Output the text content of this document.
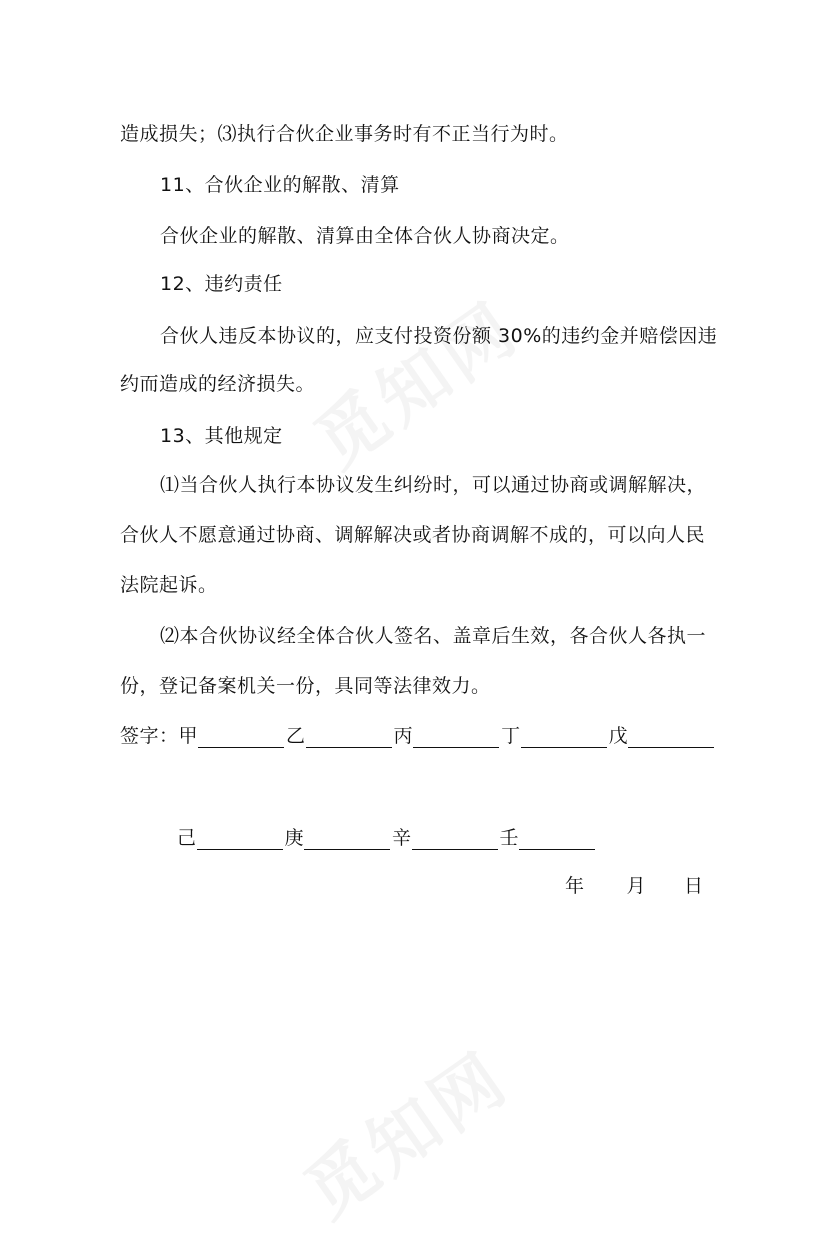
造成损失；⑶执行合伙企业事务时有不正当行为时。
11、合伙企业的解散、清算
合伙企业的解散、清算由全体合伙人协商决定。
12、违约责任
合伙人违反本协议的，应支付投资份额 30%的违约金并赔偿因违
约而造成的经济损失。
13、其他规定
⑴当合伙人执行本协议发生纠纷时，可以通过协商或调解解决，
合伙人不愿意通过协商、调解解决或者协商调解不成的，可以向人民
法院起诉。
⑵本合伙协议经全体合伙人签名、盖章后生效，各合伙人各执一
份，登记备案机关一份，具同等法律效力。
签字：甲	乙	丙	丁	戊
己	庚	辛	壬
年 月 日
